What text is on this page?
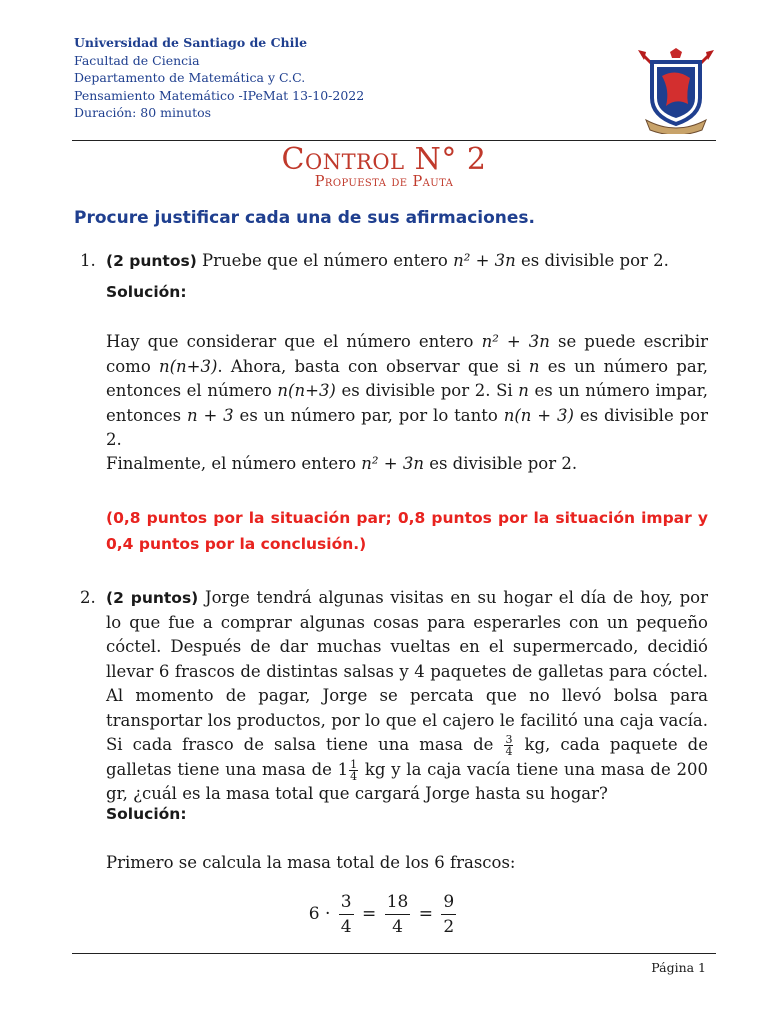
Universidad de Santiago de Chile
Facultad de Ciencia
Departamento de Matemática y C.C.
Pensamiento Matemático -IPeMat 13-10-2022
Duración: 80 minutos
Control N° 2
Propuesta de Pauta
Procure justificar cada una de sus afirmaciones.
1. (2 puntos) Pruebe que el número entero n² + 3n es divisible por 2.
Solución:
Hay que considerar que el número entero n² + 3n se puede escribir como n(n+3). Ahora, basta con observar que si n es un número par, entonces el número n(n+3) es divisible por 2. Si n es un número impar, entonces n + 3 es un número par, por lo tanto n(n + 3) es divisible por 2.
Finalmente, el número entero n² + 3n es divisible por 2.
(0,8 puntos por la situación par; 0,8 puntos por la situación impar y 0,4 puntos por la conclusión.)
2. (2 puntos) Jorge tendrá algunas visitas en su hogar el día de hoy, por lo que fue a comprar algunas cosas para esperarles con un pequeño cóctel. Después de dar muchas vueltas en el supermercado, decidió llevar 6 frascos de distintas salsas y 4 paquetes de galletas para cóctel. Al momento de pagar, Jorge se percata que no llevó bolsa para transportar los productos, por lo que el cajero le facilitó una caja vacía. Si cada frasco de salsa tiene una masa de $\frac{3}{4}$ kg, cada paquete de galletas tiene una masa de $1 \frac{1}{4}$ kg y la caja vacía tiene una masa de 200 gr, ¿cuál es la masa total que cargará Jorge hasta su hogar?
Solución:
Primero se calcula la masa total de los 6 frascos:
$6 \cdot \frac{3}{4} = \frac{18}{4} = \frac{9}{2}$
Página 1
